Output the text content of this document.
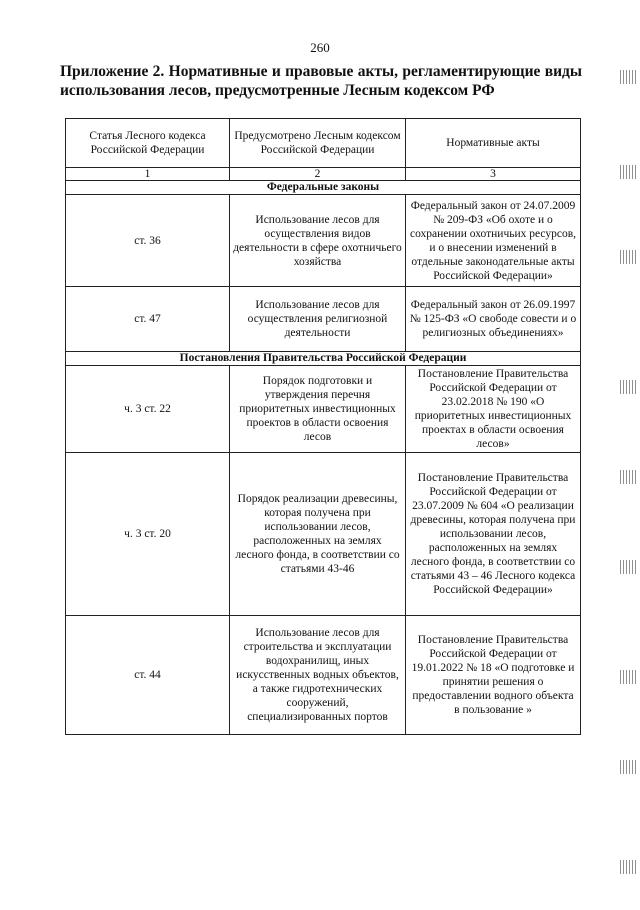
260
Приложение 2. Нормативные и правовые акты, регламентирующие виды использования лесов, предусмотренные Лесным кодексом РФ
Статья Лесного кодекса Российской Федерации	Предусмотрено Лесным кодексом Российской Федерации	Нормативные акты
1	2	3
Федеральные законы		
ст. 36	Использование лесов для осуществления видов деятельности в сфере охотничьего хозяйства	Федеральный закон от 24.07.2009 № 209-ФЗ «Об охоте и о сохранении охотничьих ресурсов, и о внесении изменений в отдельные законодательные акты Российской Федерации»
ст. 47	Использование лесов для осуществления религиозной деятельности	Федеральный закон от 26.09.1997 № 125-ФЗ «О свободе совести и о религиозных объединениях»
Постановления Правительства Российской Федерации		
ч. 3 ст. 22	Порядок подготовки и утверждения перечня приоритетных инвестиционных проектов в области освоения лесов	Постановление Правительства Российской Федерации от 23.02.2018 № 190 «О приоритетных инвестиционных проектах в области освоения лесов»
ч. 3 ст. 20	Порядок реализации древесины, которая получена при использовании лесов, расположенных на землях лесного фонда, в соответствии со статьями 43-46	Постановление Правительства Российской Федерации от 23.07.2009 № 604 «О реализации древесины, которая получена при использовании лесов, расположенных на землях лесного фонда, в соответствии со статьями 43 – 46 Лесного кодекса Российской Федерации»
ст. 44	Использование лесов для строительства и эксплуатации водохранилищ, иных искусственных водных объектов, а также гидротехнических сооружений, специализированных портов	Постановление Правительства Российской Федерации от 19.01.2022 № 18 «О подготовке и принятии решения о предоставлении водного объекта в пользование »
